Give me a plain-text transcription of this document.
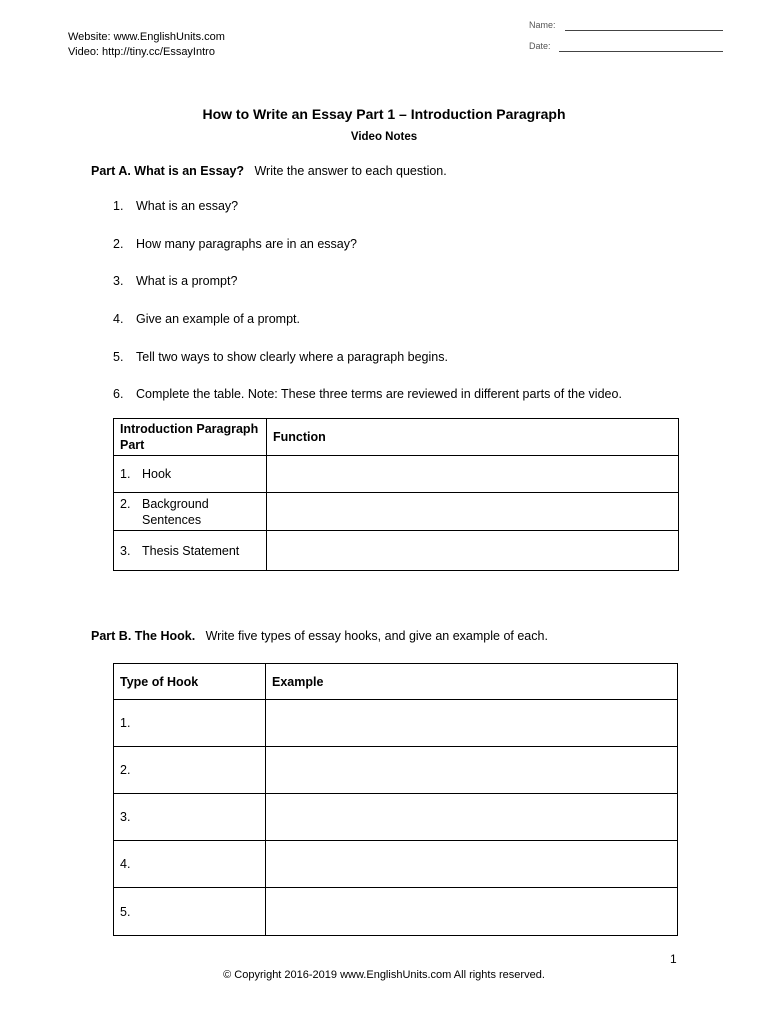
Website: www.EnglishUnits.com
Video: http://tiny.cc/EssayIntro
Name:
Date:
How to Write an Essay Part 1 – Introduction Paragraph
Video Notes
Part A. What is an Essay? Write the answer to each question.
1. What is an essay?
2. How many paragraphs are in an essay?
3. What is a prompt?
4. Give an example of a prompt.
5. Tell two ways to show clearly where a paragraph begins.
6. Complete the table. Note: These three terms are reviewed in different parts of the video.
Introduction Paragraph Part	Function
1. Hook	
2. Background Sentences	
3. Thesis Statement	
Part B. The Hook. Write five types of essay hooks, and give an example of each.
Type of Hook	Example
1.	
2.	
3.	
4.	
5.	
1
© Copyright 2016-2019 www.EnglishUnits.com All rights reserved.
